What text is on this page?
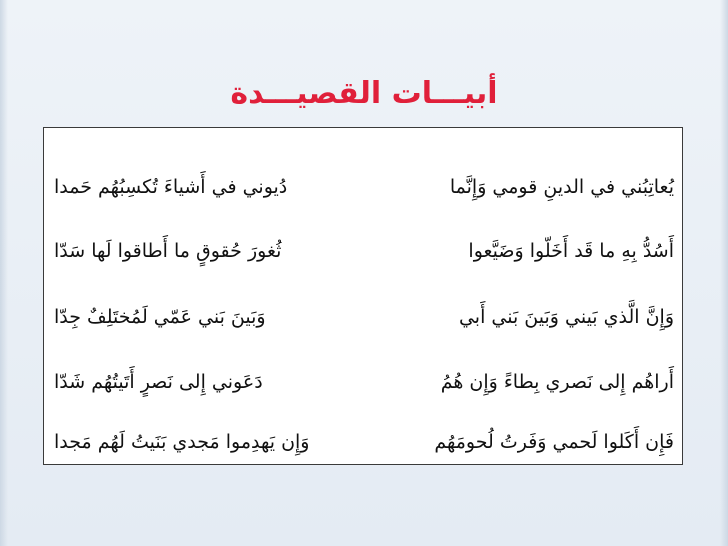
أبيـــات القصيـــدة
يُعاتِبُني في الدينِ قومي وَإِنَّما
دُيوني في أَشياءَ تُكسِبُهُم حَمدا
أَسُدُّ بِهِ ما قَد أَخَلّوا وَضَيَّعوا
ثُغورَ حُقوقٍ ما أَطاقوا لَها سَدّا
وَإِنَّ الَّذي بَيني وَبَينَ بَني أَبي
وَبَينَ بَني عَمّي لَمُختَلِفٌ جِدّا
أَراهُم إِلى نَصري بِطاءً وَإِن هُمُ
دَعَوني إِلى نَصرٍ أَتَيتُهُم شَدّا
فَإِن أَكَلوا لَحمي وَفَرتُ لُحومَهُم
وَإِن يَهدِموا مَجدي بَنَيتُ لَهُم مَجدا
